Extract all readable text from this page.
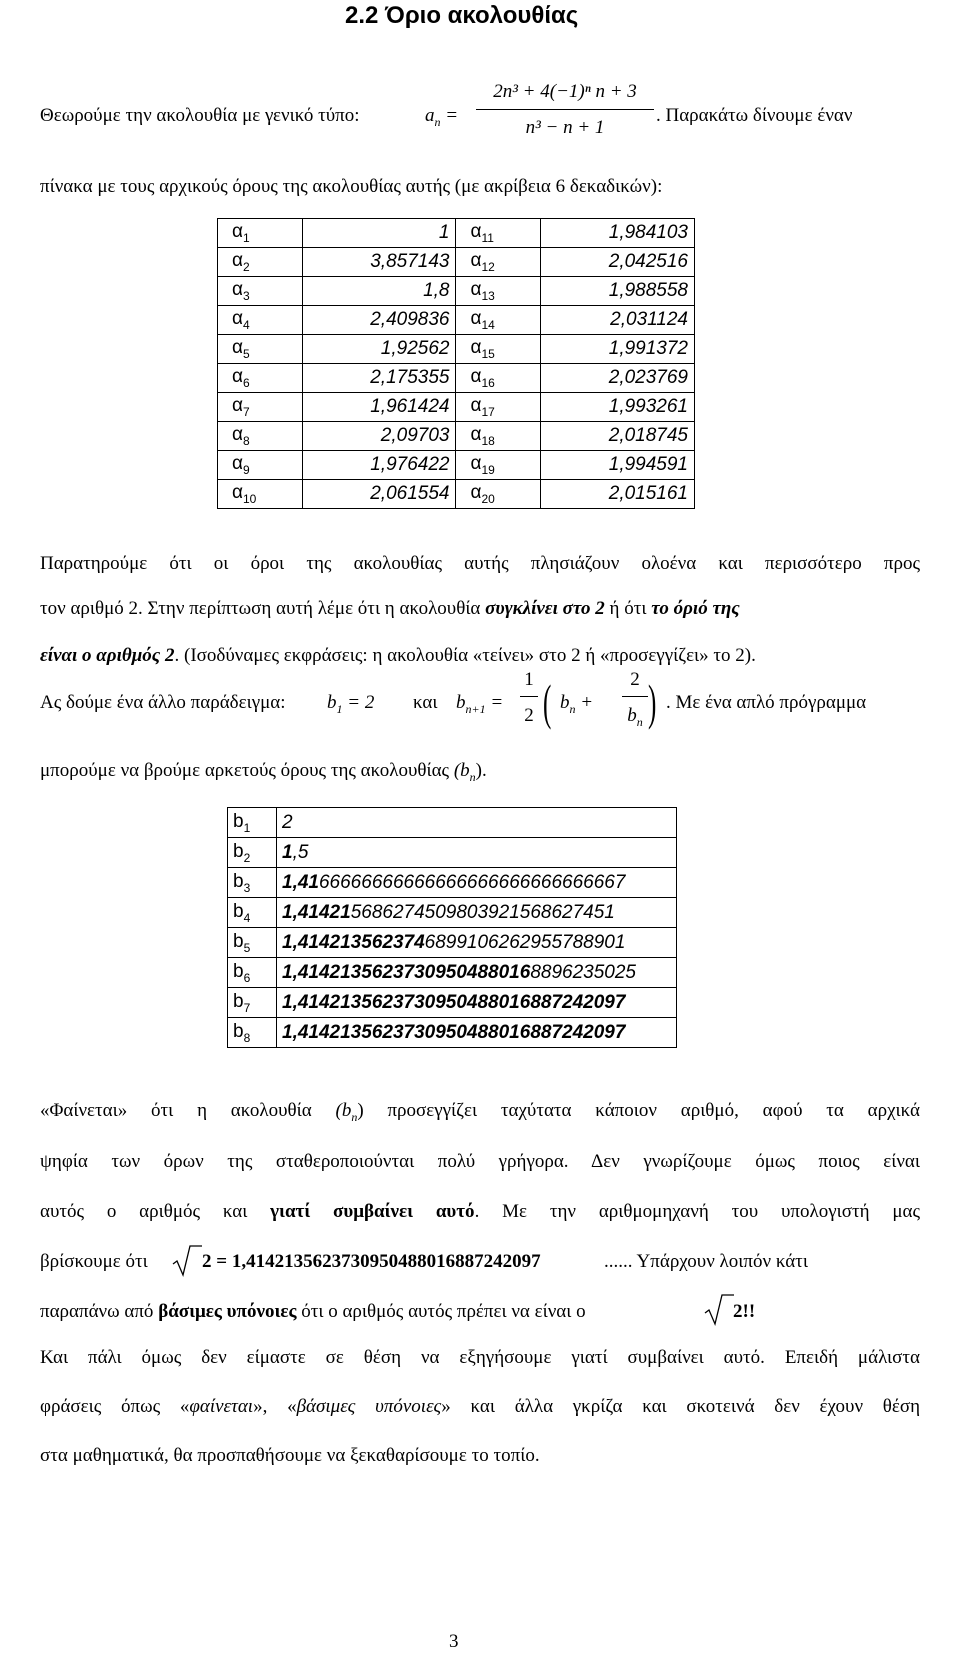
2.2 Όριο ακολουθίας
Θεωρούμε την ακολουθία με γενικό τύπο:	$a_n$ =
2n³ + 4(−1)ⁿ n + 3
n³ − n + 1
. Παρακάτω δίνουμε έναν
πίνακα με τους αρχικούς όρους της ακολουθίας αυτής (με ακρίβεια 6 δεκαδικών):
$\alpha_1$	1	$\alpha_{11}$	1,984103
$\alpha_2$	3,857143	$\alpha_{12}$	2,042516
$\alpha_3$	1,8	$\alpha_{13}$	1,988558
$\alpha_4$	2,409836	$\alpha_{14}$	2,031124
$\alpha_5$	1,92562	$\alpha_{15}$	1,991372
$\alpha_6$	2,175355	$\alpha_{16}$	2,023769
$\alpha_7$	1,961424	$\alpha_{17}$	1,993261
$\alpha_8$	2,09703	$\alpha_{18}$	2,018745
$\alpha_9$	1,976422	$\alpha_{19}$	1,994591
$\alpha_{10}$	2,061554	$\alpha_{20}$	2,015161
Παρατηρούμε ότι οι όροι της ακολουθίας αυτής πλησιάζουν ολοένα και περισσότερο προς
τον αριθμό 2. Στην περίπτωση αυτή λέμε ότι η ακολουθία συγκλίνει στο 2 ή ότι το όριό της
είναι ο αριθμός 2. (Ισοδύναμες εκφράσεις: η ακολουθία «τείνει» στο 2 ή «προσεγγίζει» το 2).
Ας δούμε ένα άλλο παράδειγμα: $b_1 = 2$ και $b_{n+1}$ =
1
2 ( $b_n$ +
2
$b_n$ ) . Με ένα απλό πρόγραμμα
μπορούμε να βρούμε αρκετούς όρους της ακολουθίας $(b_n)$.
$b_1$	2
$b_2$	1,5
$b_3$	1,4166666666666666666666666666667
$b_4$	1,414215686274509803921568627451
$b_5$	1,4142135623746899106262955788901
$b_6$	1,41421356237309504880168896235025
$b_7$	1,4142135623730950488016887242097
$b_8$	1,4142135623730950488016887242097
«Φαίνεται» ότι η ακολουθία $(b_n)$ προσεγγίζει ταχύτατα κάποιον αριθμό, αφού τα αρχικά
ψηφία των όρων της σταθεροποιούνται πολύ γρήγορα. Δεν γνωρίζουμε όμως ποιος είναι
αυτός ο αριθμός και γιατί συμβαίνει αυτό. Με την αριθμομηχανή του υπολογιστή μας
βρίσκουμε ότι	2 = 1,4142135623730950488016887242097	...... Υπάρχουν λοιπόν κάτι
παραπάνω από βάσιμες υπόνοιες ότι ο αριθμός αυτός πρέπει να είναι ο	2!!
Και πάλι όμως δεν είμαστε σε θέση να εξηγήσουμε γιατί συμβαίνει αυτό. Επειδή μάλιστα
φράσεις όπως «φαίνεται», «βάσιμες υπόνοιες» και άλλα γκρίζα και σκοτεινά δεν έχουν θέση
στα μαθηματικά, θα προσπαθήσουμε να ξεκαθαρίσουμε το τοπίο.
3
